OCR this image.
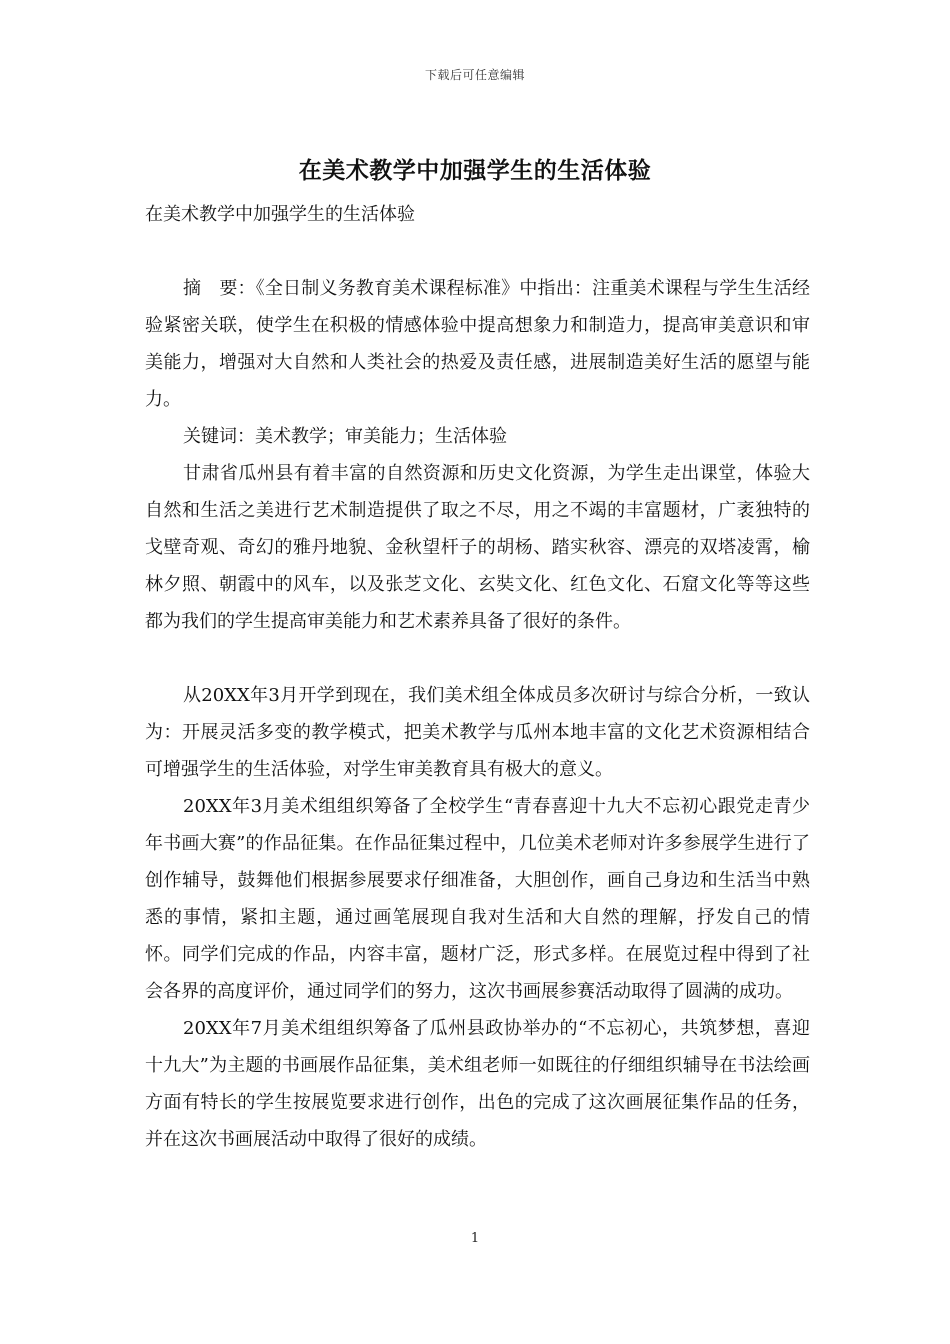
下载后可任意编辑
在美术教学中加强学生的生活体验

在美术教学中加强学生的生活体验

摘　要：《全日制义务教育美术课程标准》中指出：注重美术课程与学生生活经验紧密关联，使学生在积极的情感体验中提高想象力和制造力，提高审美意识和审美能力，增强对大自然和人类社会的热爱及责任感，进展制造美好生活的愿望与能力。

关键词：美术教学；审美能力；生活体验

甘肃省瓜州县有着丰富的自然资源和历史文化资源，为学生走出课堂，体验大自然和生活之美进行艺术制造提供了取之不尽，用之不竭的丰富题材，广袤独特的戈壁奇观、奇幻的雅丹地貌、金秋望杆子的胡杨、踏实秋容、漂亮的双塔凌霄，榆林夕照、朝霞中的风车，以及张芝文化、玄奘文化、红色文化、石窟文化等等这些都为我们的学生提高审美能力和艺术素养具备了很好的条件。

从20XX年3月开学到现在，我们美术组全体成员多次研讨与综合分析，一致认为：开展灵活多变的教学模式，把美术教学与瓜州本地丰富的文化艺术资源相结合可增强学生的生活体验，对学生审美教育具有极大的意义。

20XX年3月美术组组织筹备了全校学生“青春喜迎十九大不忘初心跟党走青少年书画大赛”的作品征集。在作品征集过程中，几位美术老师对许多参展学生进行了创作辅导，鼓舞他们根据参展要求仔细准备，大胆创作，画自己身边和生活当中熟悉的事情，紧扣主题，通过画笔展现自我对生活和大自然的理解，抒发自己的情怀。同学们完成的作品，内容丰富，题材广泛，形式多样。在展览过程中得到了社会各界的高度评价，通过同学们的努力，这次书画展参赛活动取得了圆满的成功。

20XX年7月美术组组织筹备了瓜州县政协举办的“不忘初心，共筑梦想，喜迎十九大”为主题的书画展作品征集，美术组老师一如既往的仔细组织辅导在书法绘画方面有特长的学生按展览要求进行创作，出色的完成了这次画展征集作品的任务，并在这次书画展活动中取得了很好的成绩。

1
